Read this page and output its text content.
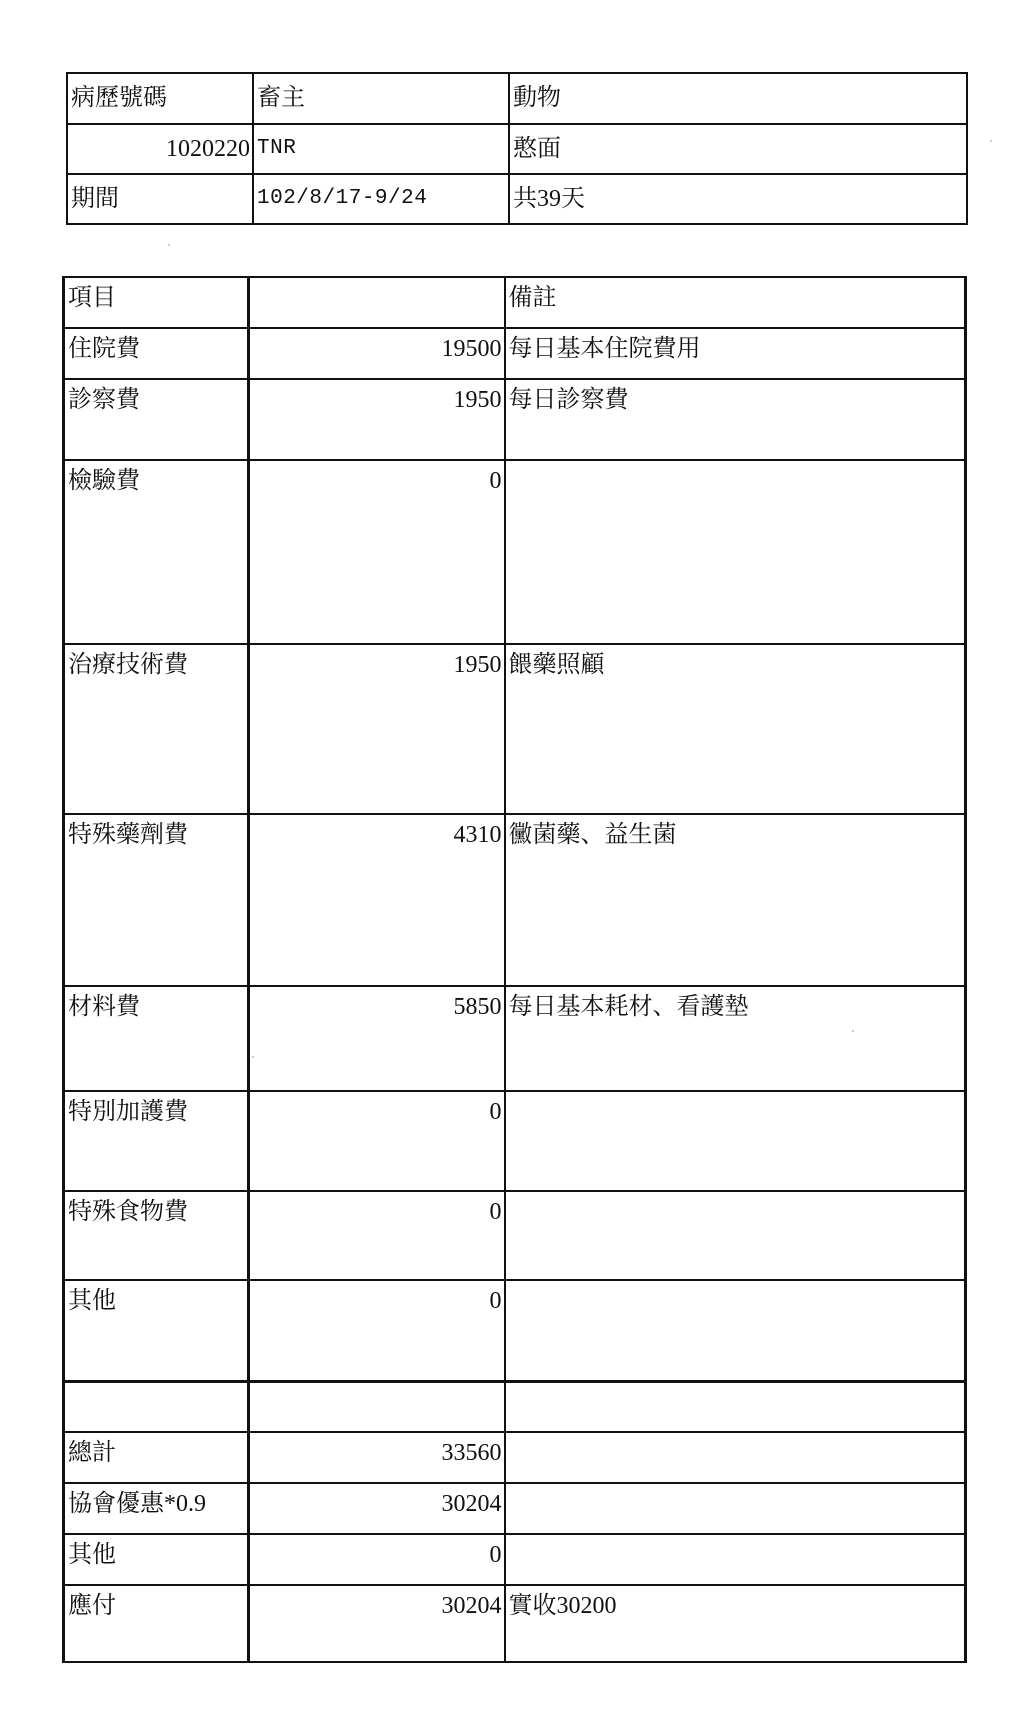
病歷號碼	畜主	動物
1020220	TNR	憨面
期間	102/8/17-9/24	共39天
項目		備註
住院費	19500	每日基本住院費用
診察費	1950	每日診察費
檢驗費	0	
治療技術費	1950	餵藥照顧
特殊藥劑費	4310	黴菌藥、益生菌
材料費	5850	每日基本耗材、看護墊
特別加護費	0	
特殊食物費	0	
其他	0	

總計	33560	
協會優惠*0.9	30204	
其他	0	
應付	30204	實收30200
